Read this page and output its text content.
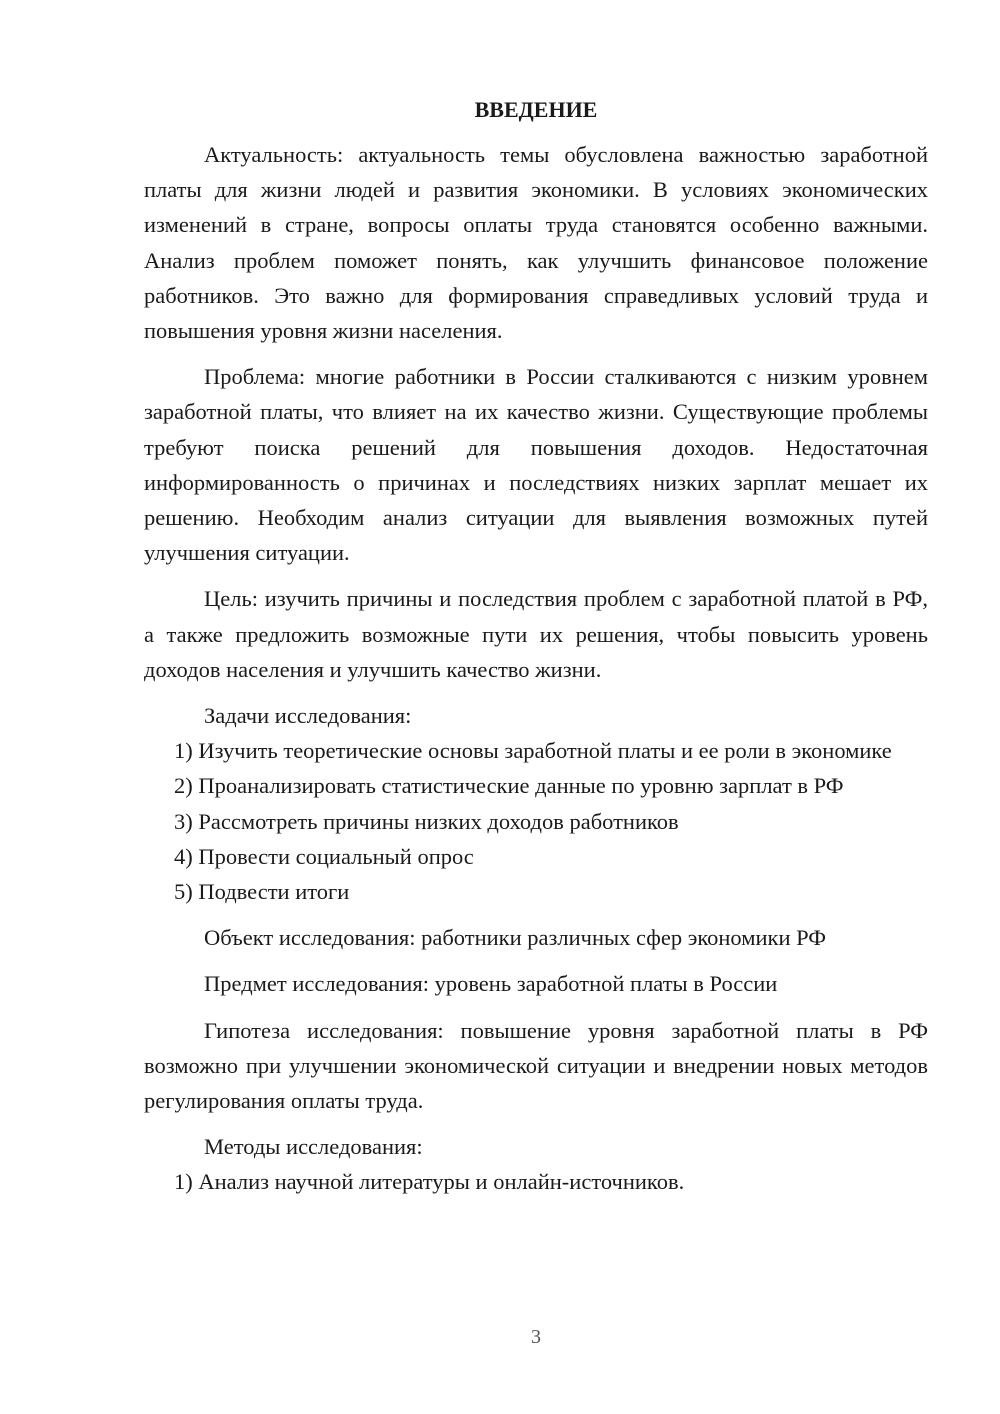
ВВЕДЕНИЕ

Актуальность: актуальность темы обусловлена важностью заработной платы для жизни людей и развития экономики. В условиях экономических изменений в стране, вопросы оплаты труда становятся особенно важными. Анализ проблем поможет понять, как улучшить финансовое положение работников. Это важно для формирования справедливых условий труда и повышения уровня жизни населения.

Проблема: многие работники в России сталкиваются с низким уровнем заработной платы, что влияет на их качество жизни. Существующие проблемы требуют поиска решений для повышения доходов. Недостаточная информированность о причинах и последствиях низких зарплат мешает их решению. Необходим анализ ситуации для выявления возможных путей улучшения ситуации.

Цель: изучить причины и последствия проблем с заработной платой в РФ, а также предложить возможные пути их решения, чтобы повысить уровень доходов населения и улучшить качество жизни.

Задачи исследования:

1) Изучить теоретические основы заработной платы и ее роли в экономике

2) Проанализировать статистические данные по уровню зарплат в РФ

3) Рассмотреть причины низких доходов работников

4) Провести социальный опрос

5) Подвести итоги

Объект исследования: работники различных сфер экономики РФ

Предмет исследования: уровень заработной платы в России

Гипотеза исследования: повышение уровня заработной платы в РФ возможно при улучшении экономической ситуации и внедрении новых методов регулирования оплаты труда.

Методы исследования:

1) Анализ научной литературы и онлайн-источников.

3
